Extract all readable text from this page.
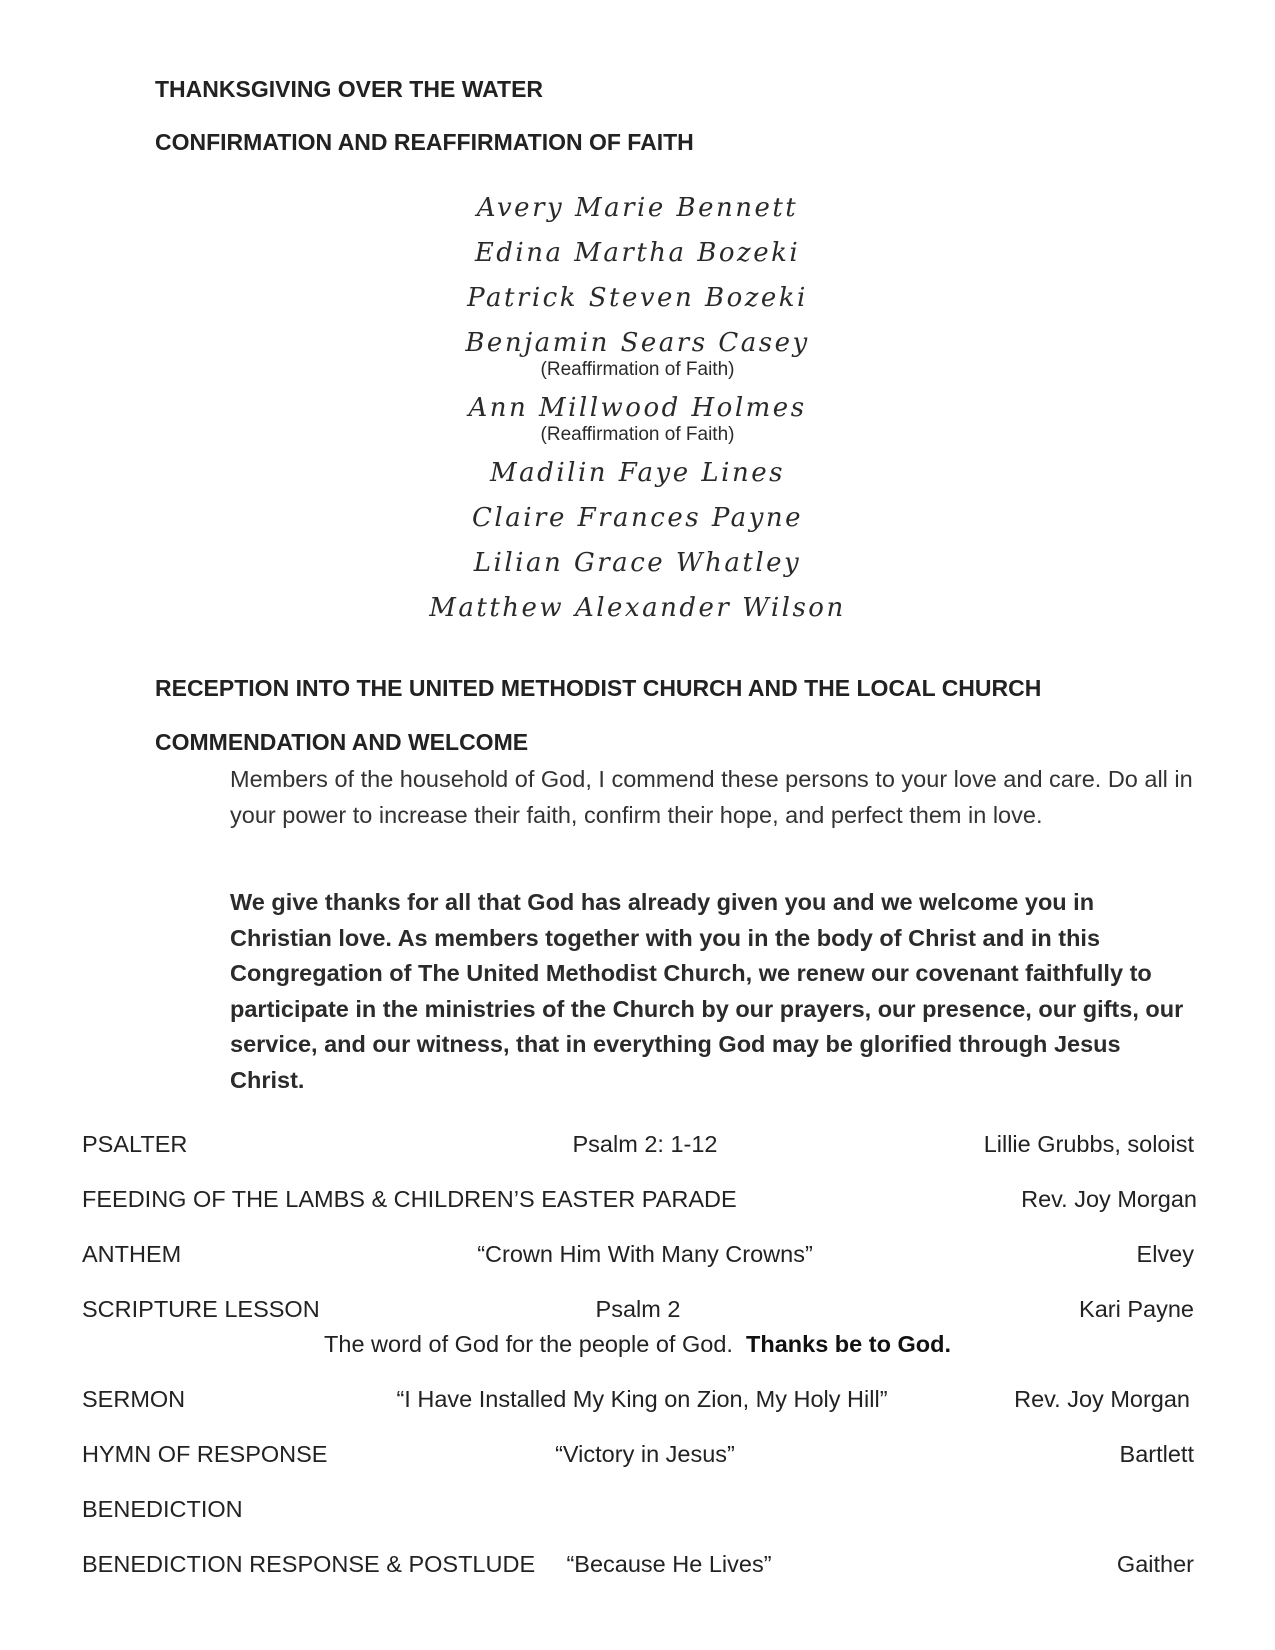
THANKSGIVING OVER THE WATER
CONFIRMATION AND REAFFIRMATION OF FAITH
Avery Marie Bennett
Edina Martha Bozeki
Patrick Steven Bozeki
Benjamin Sears Casey
(Reaffirmation of Faith)
Ann Millwood Holmes
(Reaffirmation of Faith)
Madilin Faye Lines
Claire Frances Payne
Lilian Grace Whatley
Matthew Alexander Wilson
RECEPTION INTO THE UNITED METHODIST CHURCH AND THE LOCAL CHURCH
COMMENDATION AND WELCOME
Members of the household of God, I commend these persons to your love and care. Do all in your power to increase their faith, confirm their hope, and perfect them in love.
We give thanks for all that God has already given you and we welcome you in Christian love. As members together with you in the body of Christ and in this Congregation of The United Methodist Church, we renew our covenant faithfully to participate in the ministries of the Church by our prayers, our presence, our gifts, our service, and our witness, that in everything God may be glorified through Jesus Christ.
PSALTER	Psalm 2: 1-12	Lillie Grubbs, soloist
FEEDING OF THE LAMBS & CHILDREN’S EASTER PARADE	Rev. Joy Morgan
ANTHEM	“Crown Him With Many Crowns”	Elvey
SCRIPTURE LESSON	Psalm 2	Kari Payne
The word of God for the people of God. Thanks be to God.
SERMON	“I Have Installed My King on Zion, My Holy Hill”	Rev. Joy Morgan
HYMN OF RESPONSE	“Victory in Jesus”	Bartlett
BENEDICTION
BENEDICTION RESPONSE & POSTLUDE “Because He Lives”	Gaither
